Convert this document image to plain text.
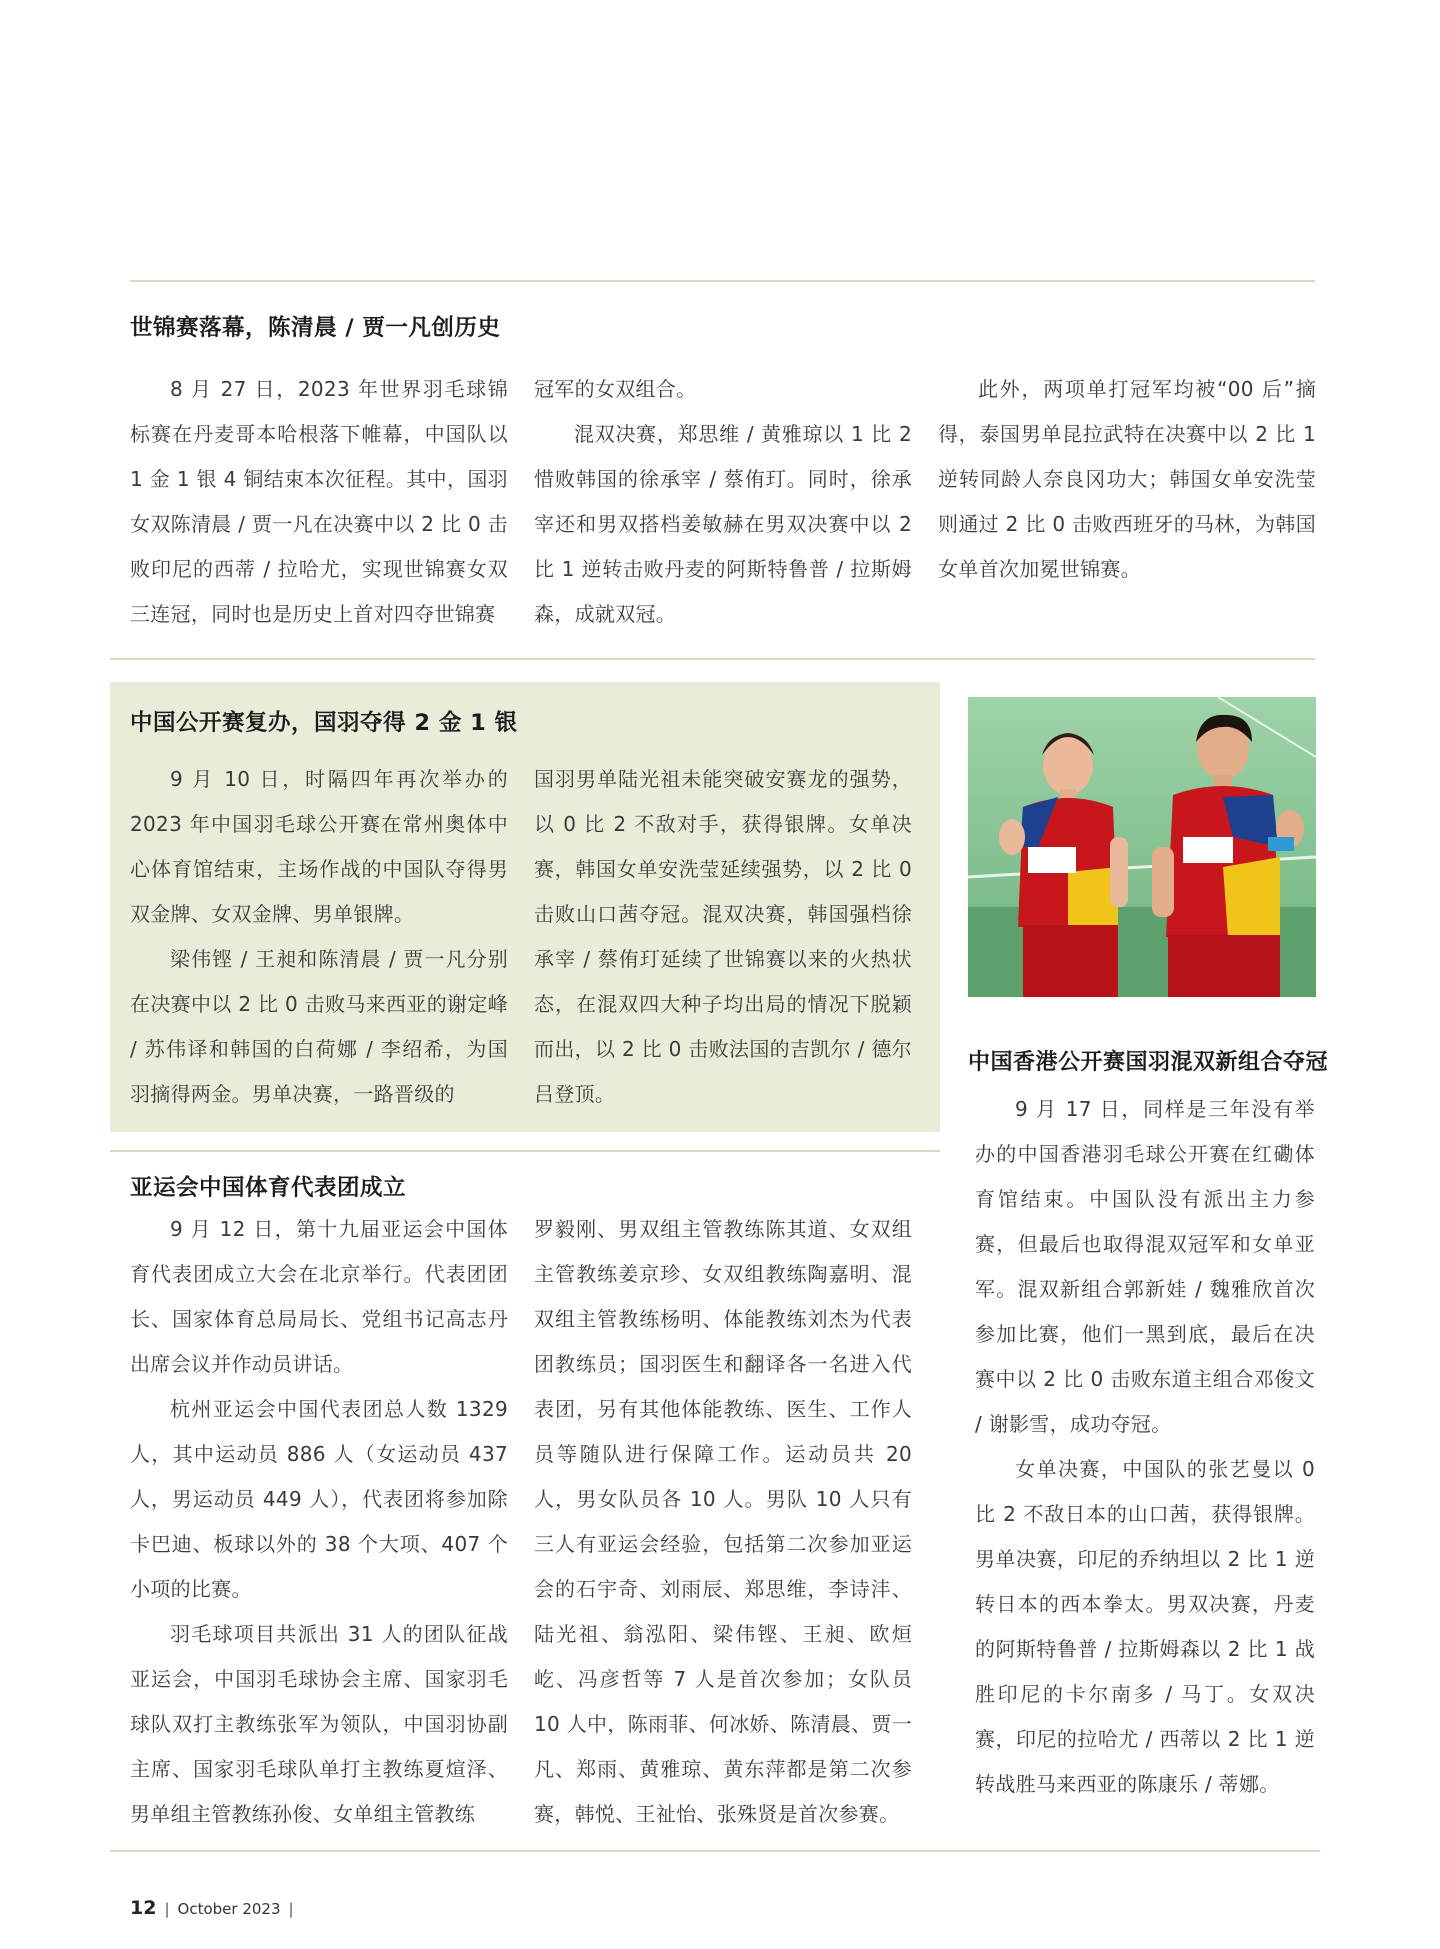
世锦赛落幕，陈清晨 / 贾一凡创历史

8 月 27 日，2023 年世界羽毛球锦标赛在丹麦哥本哈根落下帷幕，中国队以 1 金 1 银 4 铜结束本次征程。其中，国羽女双陈清晨 / 贾一凡在决赛中以 2 比 0 击败印尼的西蒂 / 拉哈尤，实现世锦赛女双三连冠，同时也是历史上首对四夺世锦赛

冠军的女双组合。

混双决赛，郑思维 / 黄雅琼以 1 比 2 惜败韩国的徐承宰 / 蔡侑玎。同时，徐承宰还和男双搭档姜敏赫在男双决赛中以 2 比 1 逆转击败丹麦的阿斯特鲁普 / 拉斯姆森，成就双冠。

此外，两项单打冠军均被“00 后”摘得，泰国男单昆拉武特在决赛中以 2 比 1 逆转同龄人奈良冈功大；韩国女单安洗莹则通过 2 比 0 击败西班牙的马林，为韩国女单首次加冕世锦赛。

中国公开赛复办，国羽夺得 2 金 1 银

9 月 10 日，时隔四年再次举办的 2023 年中国羽毛球公开赛在常州奥体中心体育馆结束，主场作战的中国队夺得男双金牌、女双金牌、男单银牌。

梁伟铿 / 王昶和陈清晨 / 贾一凡分别在决赛中以 2 比 0 击败马来西亚的谢定峰 / 苏伟译和韩国的白荷娜 / 李绍希，为国羽摘得两金。男单决赛，一路晋级的

国羽男单陆光祖未能突破安赛龙的强势，以 0 比 2 不敌对手，获得银牌。女单决赛，韩国女单安洗莹延续强势，以 2 比 0 击败山口茜夺冠。混双决赛，韩国强档徐承宰 / 蔡侑玎延续了世锦赛以来的火热状态，在混双四大种子均出局的情况下脱颖而出，以 2 比 0 击败法国的吉凯尔 / 德尔吕登顶。

中国香港公开赛国羽混双新组合夺冠

9 月 17 日，同样是三年没有举办的中国香港羽毛球公开赛在红磡体育馆结束。中国队没有派出主力参赛，但最后也取得混双冠军和女单亚军。混双新组合郭新娃 / 魏雅欣首次参加比赛，他们一黑到底，最后在决赛中以 2 比 0 击败东道主组合邓俊文 / 谢影雪，成功夺冠。

女单决赛，中国队的张艺曼以 0 比 2 不敌日本的山口茜，获得银牌。男单决赛，印尼的乔纳坦以 2 比 1 逆转日本的西本拳太。男双决赛，丹麦的阿斯特鲁普 / 拉斯姆森以 2 比 1 战胜印尼的卡尔南多 / 马丁。女双决赛，印尼的拉哈尤 / 西蒂以 2 比 1 逆转战胜马来西亚的陈康乐 / 蒂娜。

亚运会中国体育代表团成立

9 月 12 日，第十九届亚运会中国体育代表团成立大会在北京举行。代表团团长、国家体育总局局长、党组书记高志丹出席会议并作动员讲话。

杭州亚运会中国代表团总人数 1329 人，其中运动员 886 人（女运动员 437 人，男运动员 449 人），代表团将参加除卡巴迪、板球以外的 38 个大项、407 个小项的比赛。

羽毛球项目共派出 31 人的团队征战亚运会，中国羽毛球协会主席、国家羽毛球队双打主教练张军为领队，中国羽协副主席、国家羽毛球队单打主教练夏煊泽、男单组主管教练孙俊、女单组主管教练

罗毅刚、男双组主管教练陈其道、女双组主管教练姜京珍、女双组教练陶嘉明、混双组主管教练杨明、体能教练刘杰为代表团教练员；国羽医生和翻译各一名进入代表团，另有其他体能教练、医生、工作人员等随队进行保障工作。运动员共 20 人，男女队员各 10 人。男队 10 人只有三人有亚运会经验，包括第二次参加亚运会的石宇奇、刘雨辰、郑思维，李诗沣、陆光祖、翁泓阳、梁伟铿、王昶、欧烜屹、冯彦哲等 7 人是首次参加；女队员 10 人中，陈雨菲、何冰娇、陈清晨、贾一凡、郑雨、黄雅琼、黄东萍都是第二次参赛，韩悦、王祉怡、张殊贤是首次参赛。

12 | October 2023 |
